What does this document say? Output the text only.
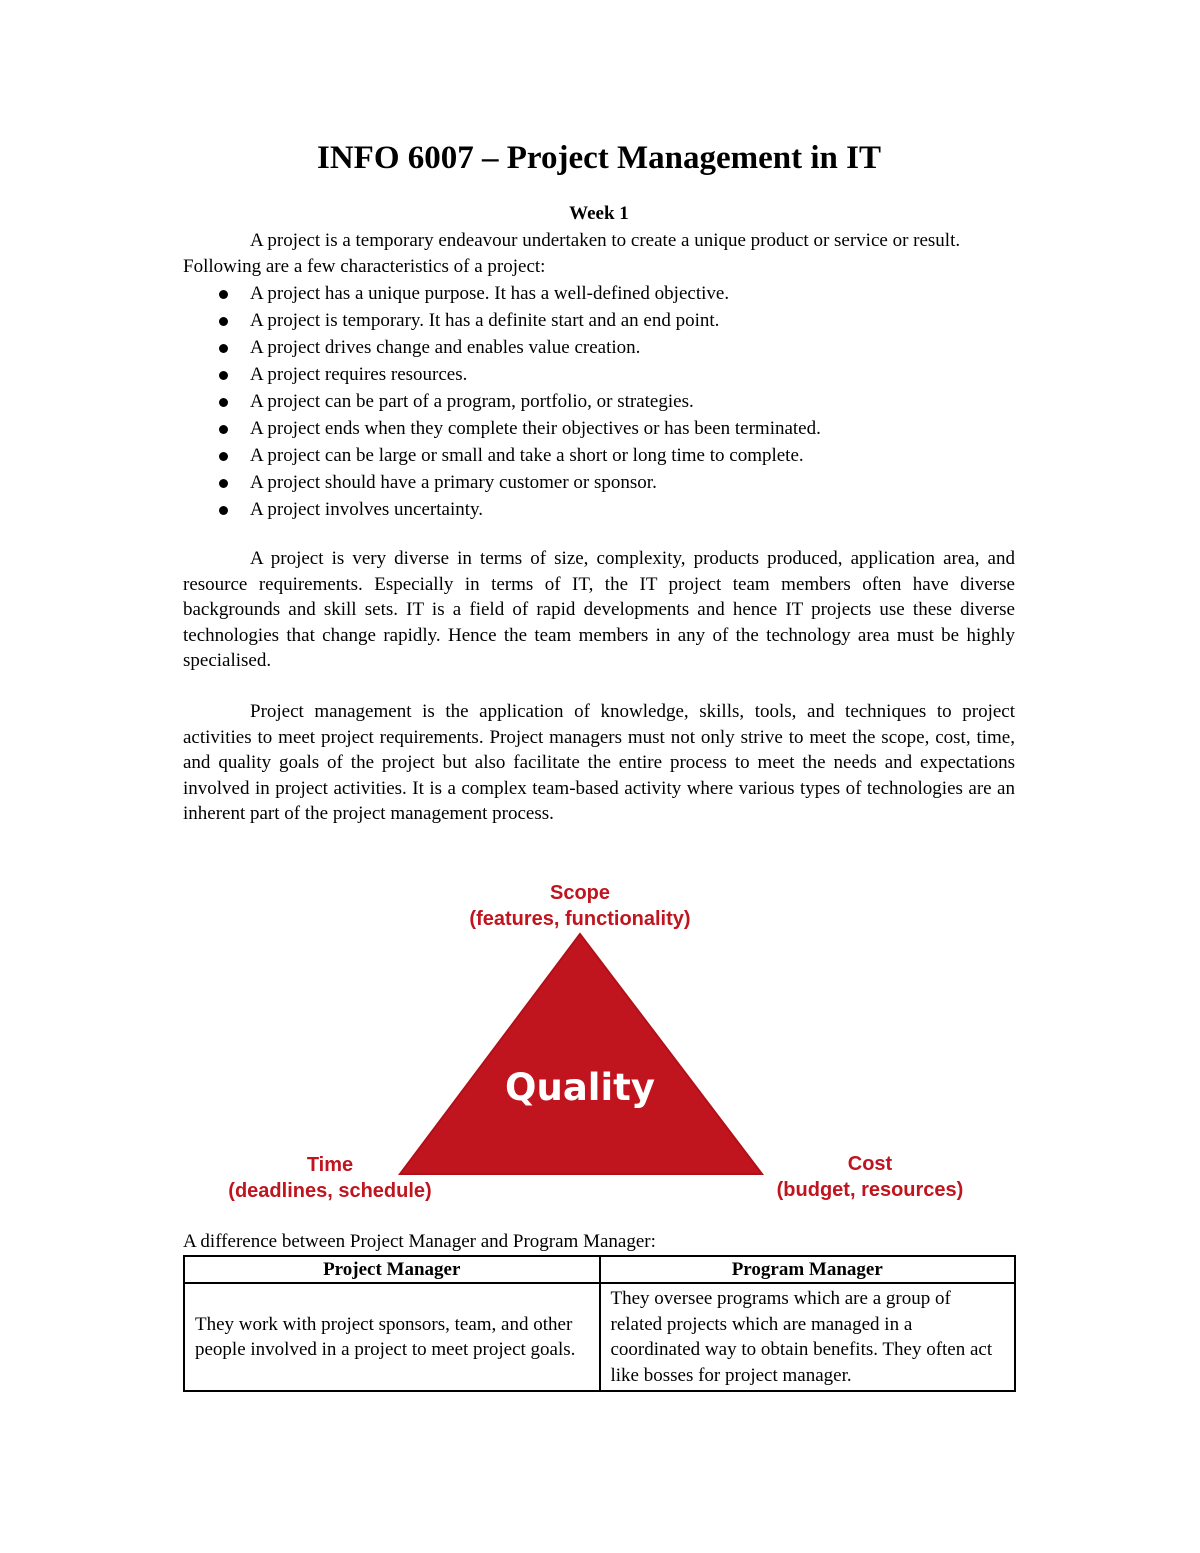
INFO 6007 – Project Management in IT
Week 1
A project is a temporary endeavour undertaken to create a unique product or service or result. Following are a few characteristics of a project:
A project has a unique purpose. It has a well-defined objective.
A project is temporary. It has a definite start and an end point.
A project drives change and enables value creation.
A project requires resources.
A project can be part of a program, portfolio, or strategies.
A project ends when they complete their objectives or has been terminated.
A project can be large or small and take a short or long time to complete.
A project should have a primary customer or sponsor.
A project involves uncertainty.
A project is very diverse in terms of size, complexity, products produced, application area, and resource requirements. Especially in terms of IT, the IT project team members often have diverse backgrounds and skill sets. IT is a field of rapid developments and hence IT projects use these diverse technologies that change rapidly. Hence the team members in any of the technology area must be highly specialised.
Project management is the application of knowledge, skills, tools, and techniques to project activities to meet project requirements. Project managers must not only strive to meet the scope, cost, time, and quality goals of the project but also facilitate the entire process to meet the needs and expectations involved in project activities. It is a complex team-based activity where various types of technologies are an inherent part of the project management process.
Quality
Scope
(features, functionality)
Time
(deadlines, schedule)
Cost
(budget, resources)
A difference between Project Manager and Program Manager:
Project Manager	Program Manager
They work with project sponsors, team, and other people involved in a project to meet project goals.	They oversee programs which are a group of related projects which are managed in a coordinated way to obtain benefits. They often act like bosses for project manager.
